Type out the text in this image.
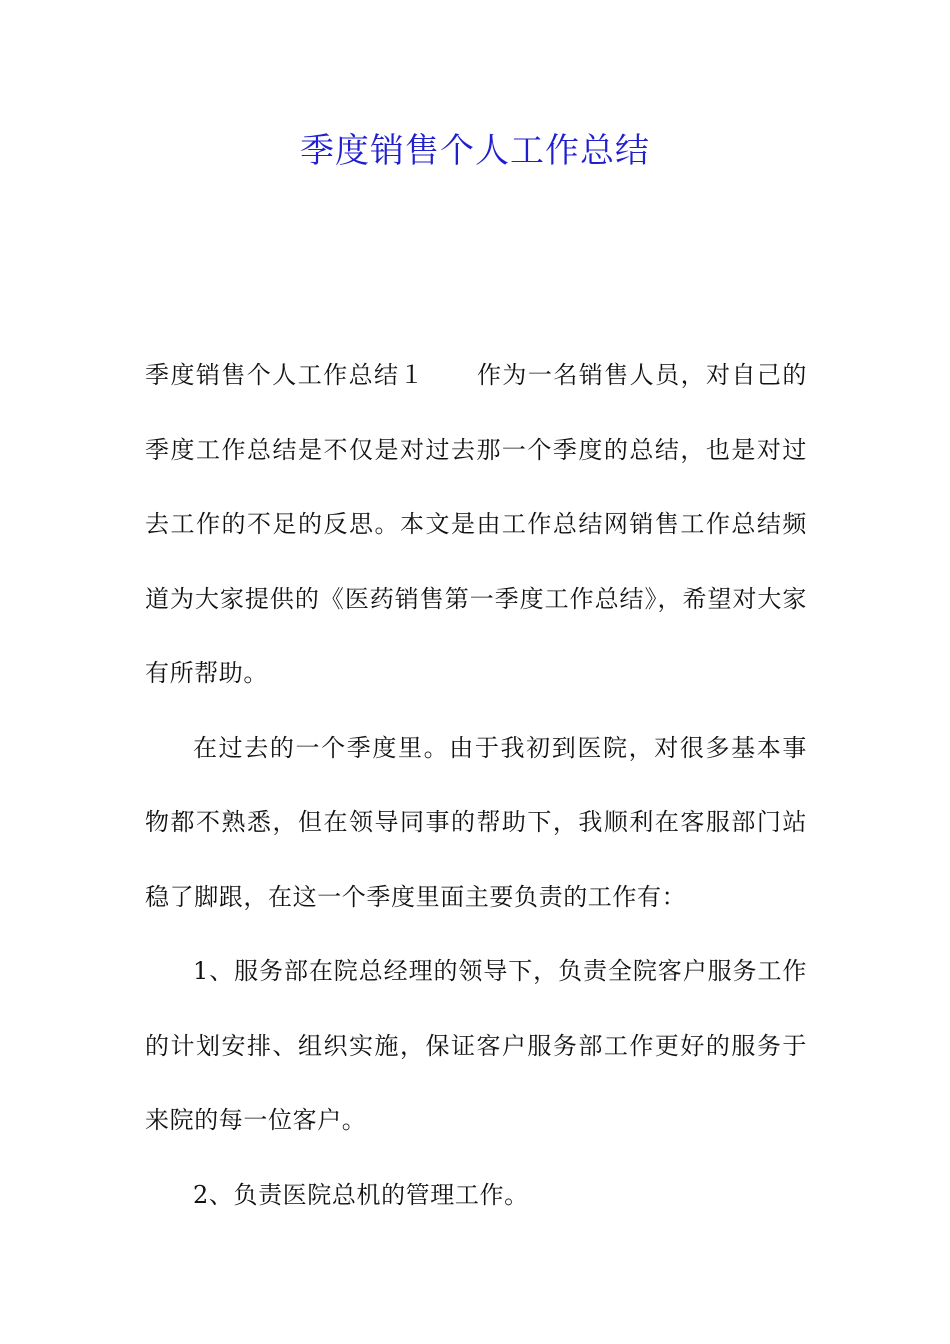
季度销售个人工作总结

季度销售个人工作总结１ 作为一名销售人员，对自己的季度工作总结是不仅是对过去那一个季度的总结，也是对过去工作的不足的反思。本文是由工作总结网销售工作总结频道为大家提供的《医药销售第一季度工作总结》，希望对大家有所帮助。

在过去的一个季度里。由于我初到医院，对很多基本事物都不熟悉，但在领导同事的帮助下，我顺利在客服部门站稳了脚跟，在这一个季度里面主要负责的工作有：

1、服务部在院总经理的领导下，负责全院客户服务工作的计划安排、组织实施，保证客户服务部工作更好的服务于来院的每一位客户。

2、负责医院总机的管理工作。
